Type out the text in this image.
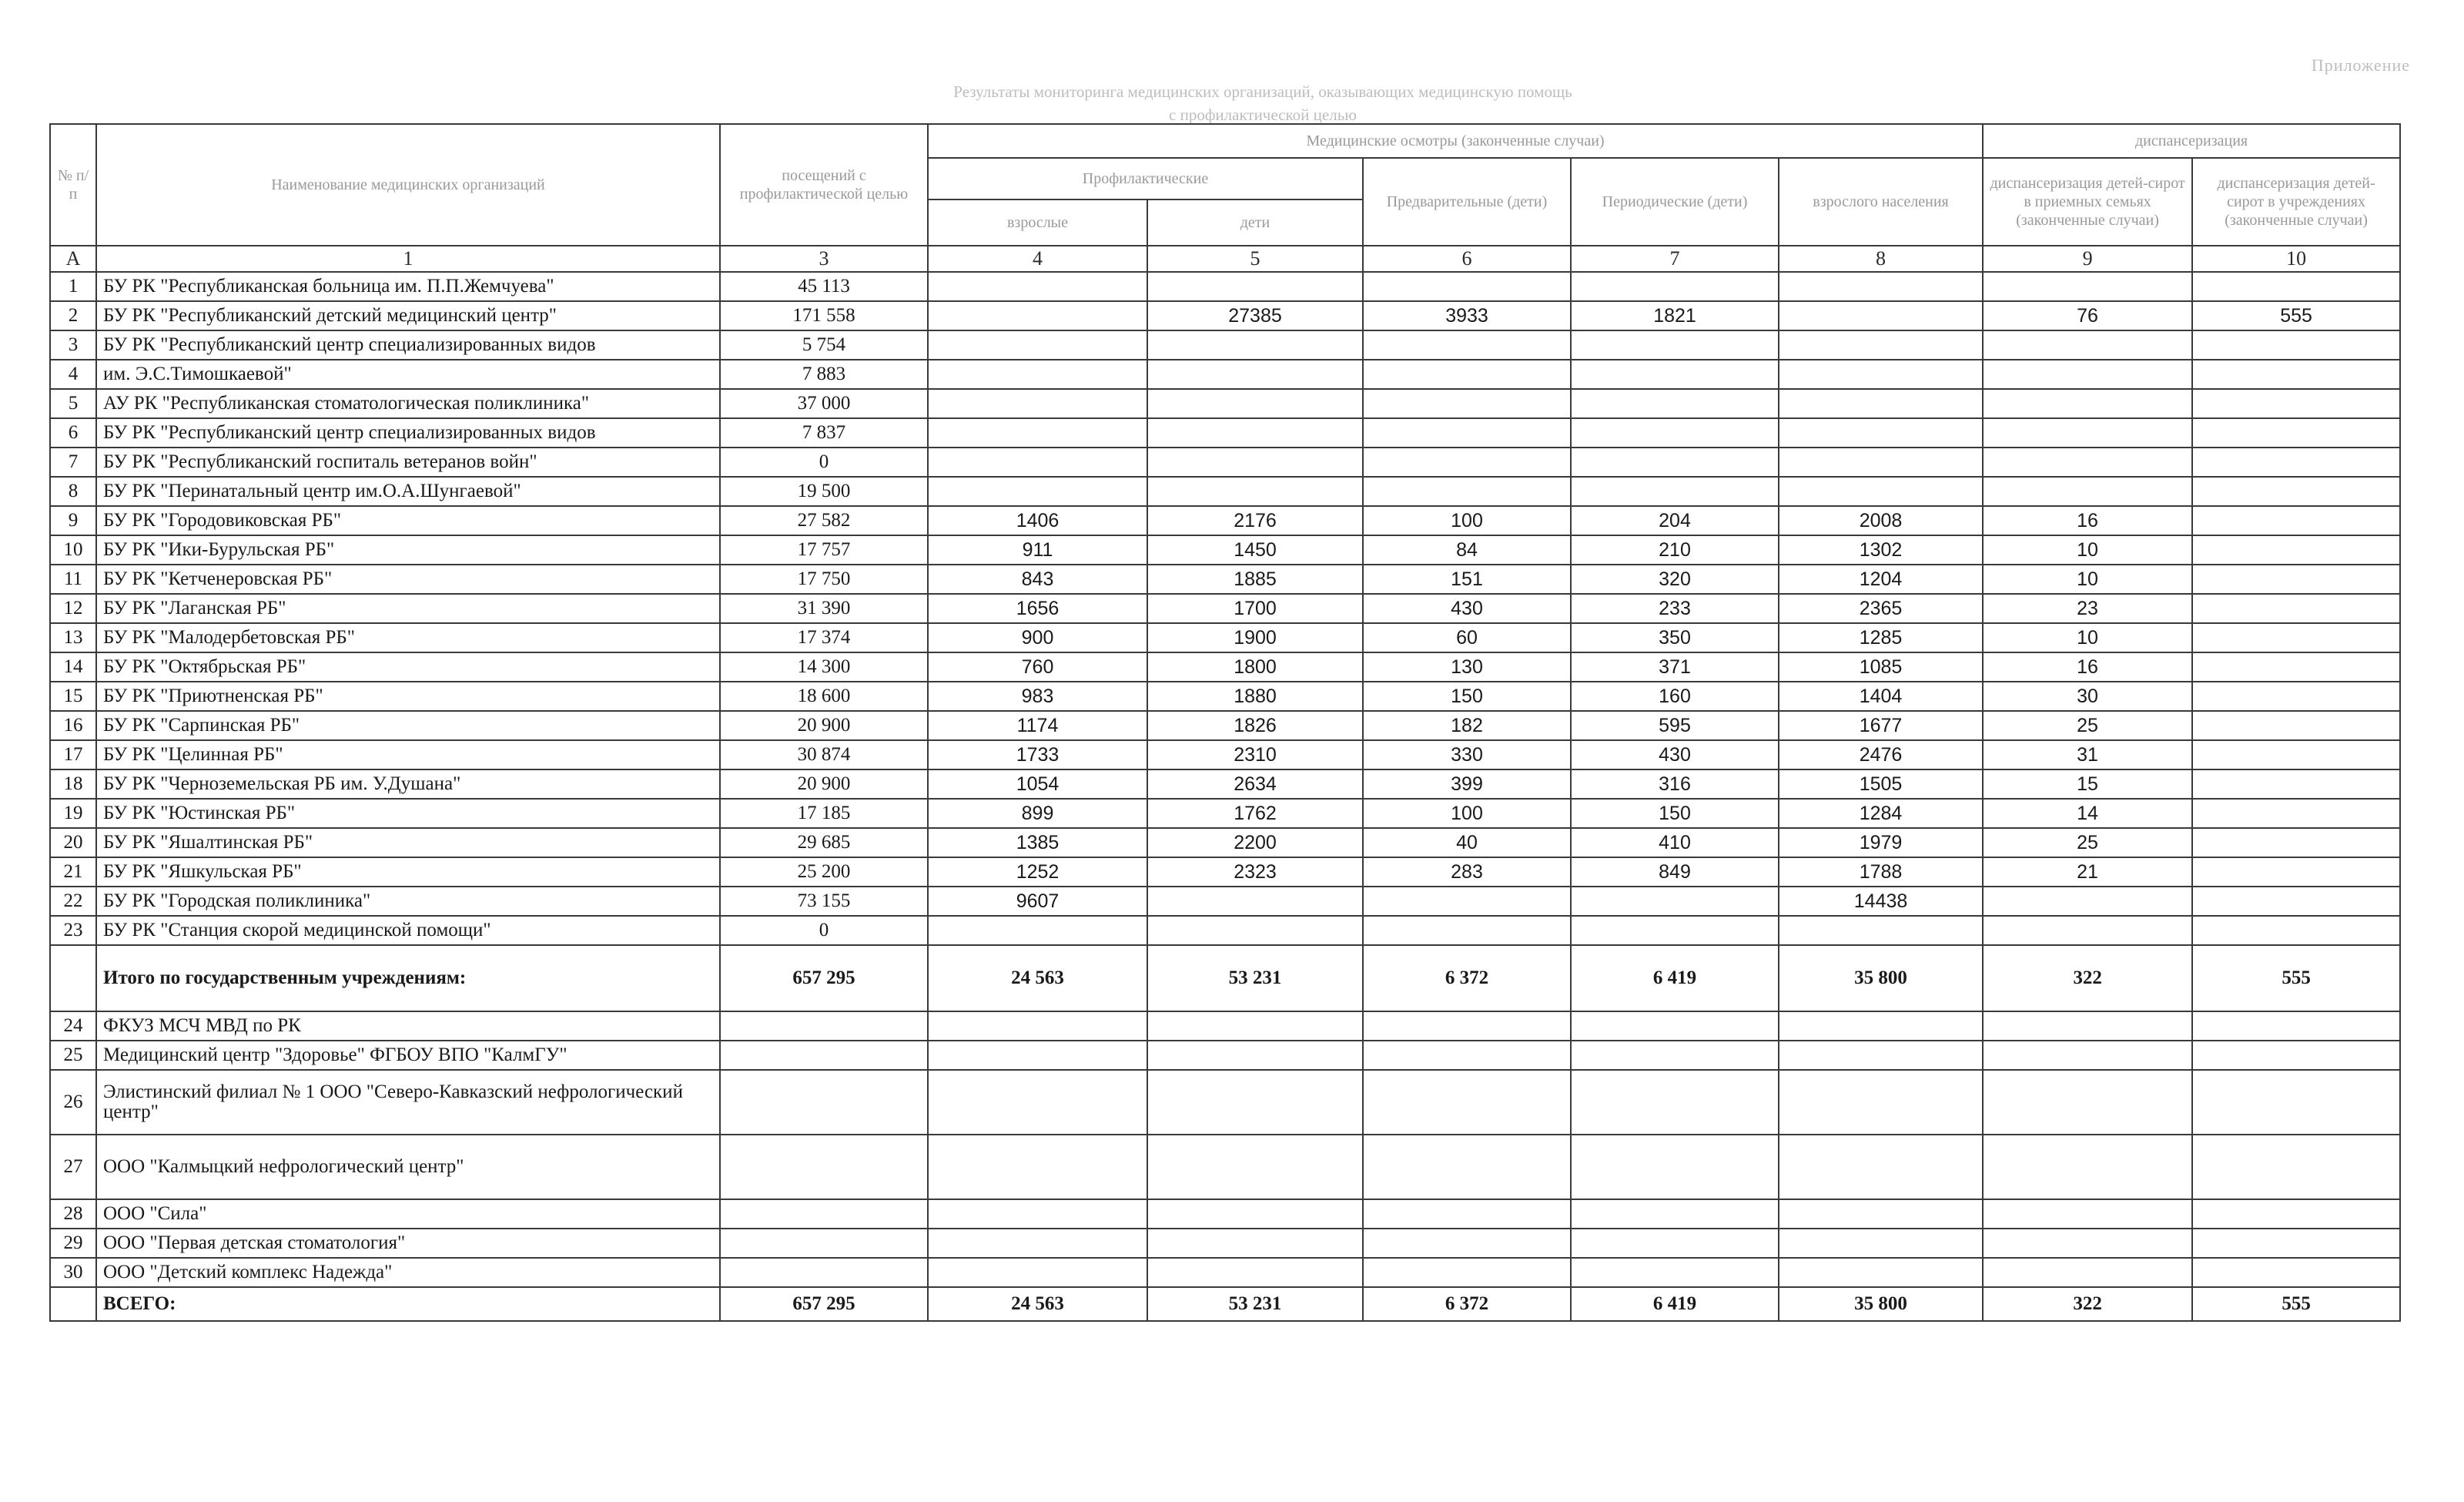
Приложение
Результаты мониторинга медицинских организаций, оказывающих медицинскую помощь
с профилактической целью
№ п/п	Наименование медицинских организаций	посещений с профилактической целью	Медицинские осмотры (законченные случаи)					диспансеризация	
			Профилактические		Предварительные (дети)	Периодические (дети)	взрослого населения	диспансеризация детей-сирот в приемных семьях (законченные случаи)	диспансеризация детей-сирот в учреждениях (законченные случаи)
			взрослые	дети					
А	1	3	4	5	6	7	8	9	10
1	БУ РК "Республиканская больница им. П.П.Жемчуева"	45 113							
2	БУ РК "Республиканский детский медицинский центр"	171 558		27385	3933	1821		76	555
3	БУ РК "Республиканский центр специализированных видов	5 754							
4	им. Э.С.Тимошкаевой"	7 883							
5	АУ РК "Республиканская стоматологическая поликлиника"	37 000							
6	БУ РК "Республиканский центр специализированных видов	7 837							
7	БУ РК "Республиканский госпиталь ветеранов войн"	0							
8	БУ РК "Перинатальный центр им.О.А.Шунгаевой"	19 500							
9	БУ РК "Городовиковская РБ"	27 582	1406	2176	100	204	2008	16	
10	БУ РК "Ики-Бурульская РБ"	17 757	911	1450	84	210	1302	10	
11	БУ РК "Кетченеровская РБ"	17 750	843	1885	151	320	1204	10	
12	БУ РК "Лаганская РБ"	31 390	1656	1700	430	233	2365	23	
13	БУ РК "Малодербетовская РБ"	17 374	900	1900	60	350	1285	10	
14	БУ РК "Октябрьская РБ"	14 300	760	1800	130	371	1085	16	
15	БУ РК "Приютненская РБ"	18 600	983	1880	150	160	1404	30	
16	БУ РК "Сарпинская РБ"	20 900	1174	1826	182	595	1677	25	
17	БУ РК "Целинная РБ"	30 874	1733	2310	330	430	2476	31	
18	БУ РК "Черноземельская РБ им. У.Душана"	20 900	1054	2634	399	316	1505	15	
19	БУ РК "Юстинская РБ"	17 185	899	1762	100	150	1284	14	
20	БУ РК "Яшалтинская РБ"	29 685	1385	2200	40	410	1979	25	
21	БУ РК "Яшкульская РБ"	25 200	1252	2323	283	849	1788	21	
22	БУ РК "Городская поликлиника"	73 155	9607				14438		
23	БУ РК "Станция скорой медицинской помощи"	0							
	Итого по государственным учреждениям:	657 295	24 563	53 231	6 372	6 419	35 800	322	555
24	ФКУЗ МСЧ МВД по РК								
25	Медицинский центр "Здоровье" ФГБОУ ВПО "КалмГУ"								
26	Элистинский филиал № 1 ООО "Северо-Кавказский нефрологический центр"								
27	ООО "Калмыцкий нефрологический центр"								
28	ООО "Сила"								
29	ООО "Первая детская стоматология"								
30	ООО "Детский комплекс Надежда"								
	ВСЕГО:	657 295	24 563	53 231	6 372	6 419	35 800	322	555
